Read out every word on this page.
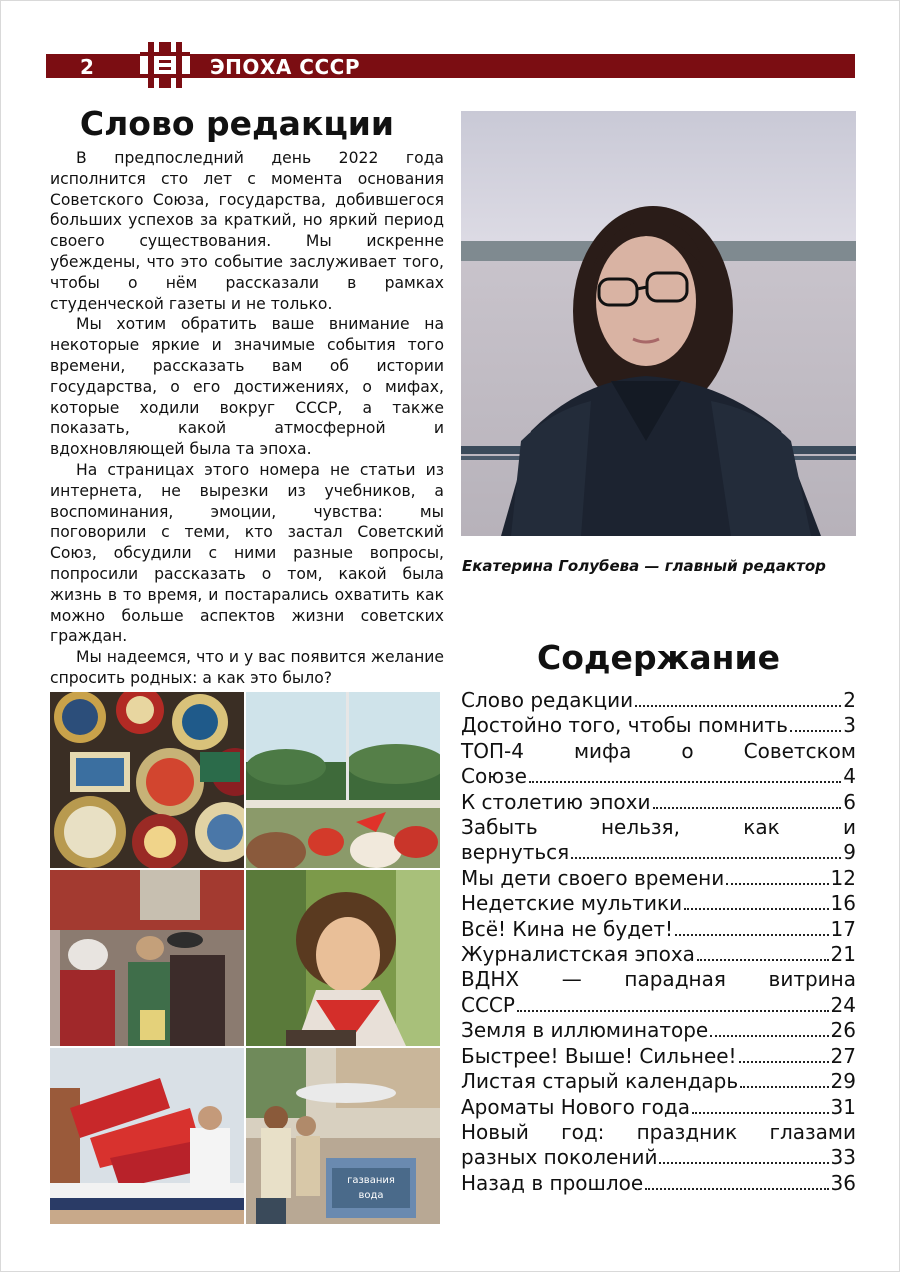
2	ЭПОХА СССР
Слово редакции

В предпоследний день 2022 года исполнится сто лет с момента основания Советского Союза, государства, добившегося больших успехов за краткий, но яркий период своего существования. Мы искренне убеждены, что это событие заслуживает того, чтобы о нём рассказали в рамках студенческой газеты и не только.

Мы хотим обратить ваше внимание на некоторые яркие и значимые события того времени, рассказать вам об истории государства, о его достижениях, о мифах, которые ходили вокруг СССР, а также показать, какой атмосферной и вдохновляющей была та эпоха.

На страницах этого номера не статьи из интернета, не вырезки из учебников, а воспоминания, эмоции, чувства: мы поговорили с теми, кто застал Советский Союз, обсудили с ними разные вопросы, попросили рассказать о том, какой была жизнь в то время, и постарались охватить как можно больше аспектов жизни советских граждан.

Мы надеемся, что и у вас появится желание спросить родных: а как это было?

газвания
вода
Екатерина Голубева — главный редактор
Содержание
Слово редакции	2
Достойно того, чтобы помнить	3
ТОП-4 мифа о Советском
Союзе	4
К столетию эпохи	6
Забыть нельзя, как и
вернуться	9
Мы дети своего времени	12
Недетские мультики	16
Всё! Кина не будет!	17
Журналистская эпоха	21
ВДНХ — парадная витрина
СССР	24
Земля в иллюминаторе	26
Быстрее! Выше! Сильнее!	27
Листая старый календарь	29
Ароматы Нового года	31
Новый год: праздник глазами
разных поколений	33
Назад в прошлое	36
